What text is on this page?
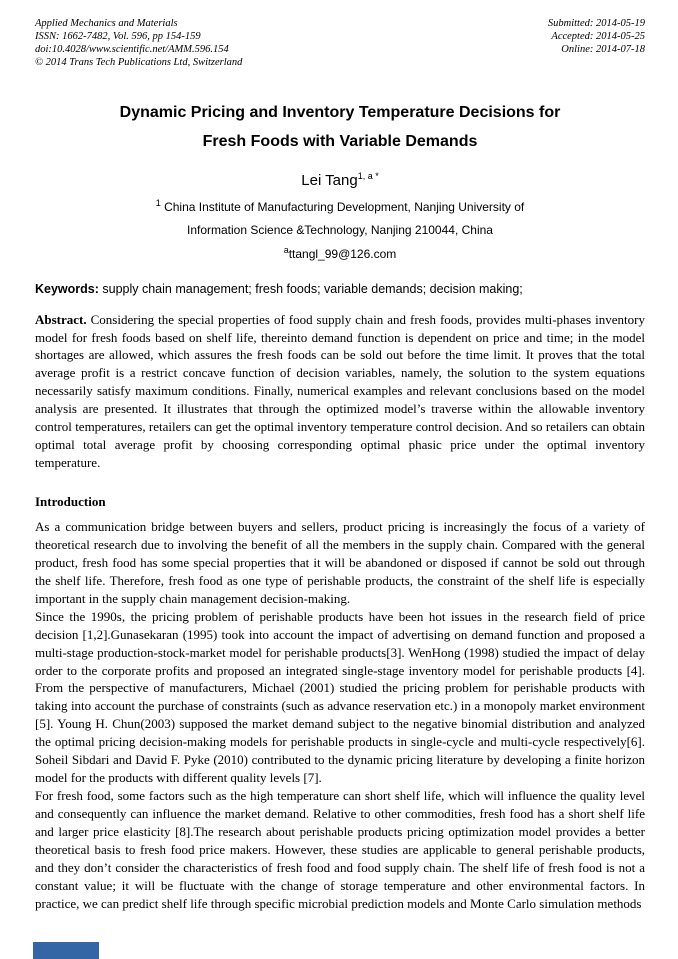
Applied Mechanics and Materials
ISSN: 1662-7482, Vol. 596, pp 154-159
doi:10.4028/www.scientific.net/AMM.596.154
© 2014 Trans Tech Publications Ltd, Switzerland
Submitted: 2014-05-19
Accepted: 2014-05-25
Online: 2014-07-18
Dynamic Pricing and Inventory Temperature Decisions for
Fresh Foods with Variable Demands
Lei Tang$^{1, a *}$
$^1$ China Institute of Manufacturing Development, Nanjing University of
Information Science &Technology, Nanjing 210044, China
$^a$ttangl_99@126.com
Keywords: supply chain management; fresh foods; variable demands; decision making;

Abstract. Considering the special properties of food supply chain and fresh foods, provides multi-phases inventory model for fresh foods based on shelf life, thereinto demand function is dependent on price and time; in the model shortages are allowed, which assures the fresh foods can be sold out before the time limit. It proves that the total average profit is a restrict concave function of decision variables, namely, the solution to the system equations necessarily satisfy maximum conditions. Finally, numerical examples and relevant conclusions based on the model analysis are presented. It illustrates that through the optimized model’s traverse within the allowable inventory control temperatures, retailers can get the optimal inventory temperature control decision. And so retailers can obtain optimal total average profit by choosing corresponding optimal phasic price under the optimal inventory temperature.

Introduction

As a communication bridge between buyers and sellers, product pricing is increasingly the focus of a variety of theoretical research due to involving the benefit of all the members in the supply chain. Compared with the general product, fresh food has some special properties that it will be abandoned or disposed if cannot be sold out through the shelf life. Therefore, fresh food as one type of perishable products, the constraint of the shelf life is especially important in the supply chain management decision-making.

Since the 1990s, the pricing problem of perishable products have been hot issues in the research field of price decision [1,2].Gunasekaran (1995) took into account the impact of advertising on demand function and proposed a multi-stage production-stock-market model for perishable products[3]. WenHong (1998) studied the impact of delay order to the corporate profits and proposed an integrated single-stage inventory model for perishable products [4]. From the perspective of manufacturers, Michael (2001) studied the pricing problem for perishable products with taking into account the purchase of constraints (such as advance reservation etc.) in a monopoly market environment [5]. Young H. Chun(2003) supposed the market demand subject to the negative binomial distribution and analyzed the optimal pricing decision-making models for perishable products in single-cycle and multi-cycle respectively[6]. Soheil Sibdari and David F. Pyke (2010) contributed to the dynamic pricing literature by developing a finite horizon model for the products with different quality levels [7].

For fresh food, some factors such as the high temperature can short shelf life, which will influence the quality level and consequently can influence the market demand. Relative to other commodities, fresh food has a short shelf life and larger price elasticity [8].The research about perishable products pricing optimization model provides a better theoretical basis to fresh food price makers. However, these studies are applicable to general perishable products, and they don’t consider the characteristics of fresh food and food supply chain. The shelf life of fresh food is not a constant value; it will be fluctuate with the change of storage temperature and other environmental factors. In practice, we can predict shelf life through specific microbial prediction models and Monte Carlo simulation methods
